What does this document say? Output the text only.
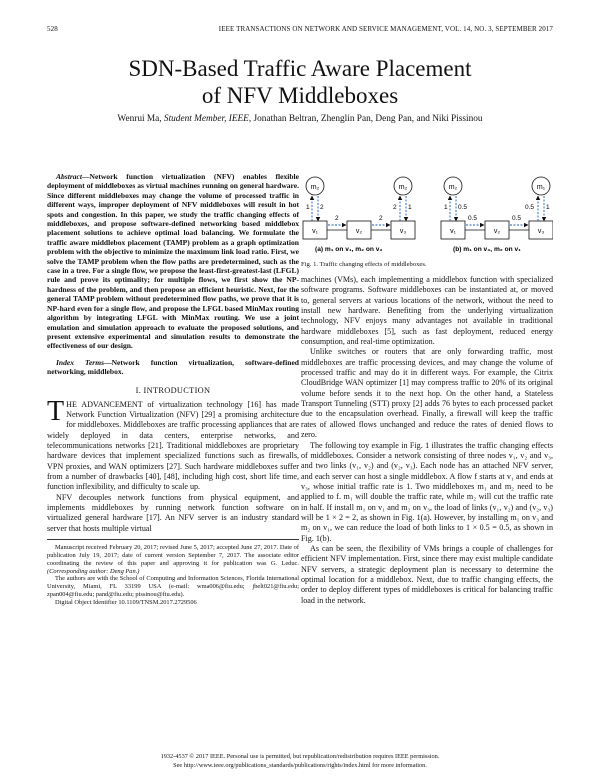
528	IEEE TRANSACTIONS ON NETWORK AND SERVICE MANAGEMENT, VOL. 14, NO. 3, SEPTEMBER 2017
SDN-Based Traffic Aware Placement
of NFV Middleboxes

Wenrui Ma, Student Member, IEEE, Jonathan Beltran, Zhenglin Pan, Deng Pan, and Niki Pissinou

Abstract—Network function virtualization (NFV) enables flexible deployment of middleboxes as virtual machines running on general hardware. Since different middleboxes may change the volume of processed traffic in different ways, improper deployment of NFV middleboxes will result in hot spots and congestion. In this paper, we study the traffic changing effects of middleboxes, and propose software-defined networking based middlebox placement solutions to achieve optimal load balancing. We formulate the traffic aware middlebox placement (TAMP) problem as a graph optimization problem with the objective to minimize the maximum link load ratio. First, we solve the TAMP problem when the flow paths are predetermined, such as the case in a tree. For a single flow, we propose the least-first-greatest-last (LFGL) rule and prove its optimality; for multiple flows, we first show the NP-hardness of the problem, and then propose an efficient heuristic. Next, for the general TAMP problem without predetermined flow paths, we prove that it is NP-hard even for a single flow, and propose the LFGL based MinMax routing algorithm by integrating LFGL with MinMax routing. We use a joint emulation and simulation approach to evaluate the proposed solutions, and present extensive experimental and simulation results to demonstrate the effectiveness of our design.

Index Terms—Network function virtualization, software-defined networking, middlebox.

I. INTRODUCTION

THE ADVANCEMENT of virtualization technology [16] has made Network Function Virtualization (NFV) [29] a promising architecture for middleboxes. Middleboxes are traffic processing appliances that are widely deployed in data centers, enterprise networks, and telecommunications networks [21]. Traditional middleboxes are proprietary hardware devices that implement specialized functions such as firewalls, VPN proxies, and WAN optimizers [27]. Such hardware middleboxes suffer from a number of drawbacks [40], [48], including high cost, short life time, function inflexibility, and difficulty to scale up.

NFV decouples network functions from physical equipment, and implements middleboxes by running network function software on virtualized general hardware [17]. An NFV server is an industry standard server that hosts multiple virtual

Manuscript received February 20, 2017; revised June 5, 2017; accepted June 27, 2017. Date of publication July 19, 2017; date of current version September 7, 2017. The associate editor coordinating the review of this paper and approving it for publication was G. Leduc. (Corresponding author: Deng Pan.)

The authors are with the School of Computing and Information Sciences, Florida International University, Miami, FL 33199 USA (e-mail: wma006@fiu.edu; jbelt021@fiu.edu; zpan004@fiu.edu; pand@fiu.edu; pissinou@fiu.edu).

Digital Object Identifier 10.1109/TNSM.2017.2729506

m₂	m₂
v₁	v₂	v₃
1 2
2	2
2 1
(a) m₁ on v₁, m₂ on v₃
m₂	m₁
v₁	v₂	v₃
1 0.5
0.5	0.5
0.5 1
(b) m₁ on v₃, m₂ on v₁

Fig. 1. Traffic changing effects of middleboxes.

machines (VMs), each implementing a middlebox function with specialized software programs. Software middleboxes can be instantiated at, or moved to, general servers at various locations of the network, without the need to install new hardware. Benefiting from the underlying virtualization technology, NFV enjoys many advantages not available in traditional hardware middleboxes [5], such as fast deployment, reduced energy consumption, and real-time optimization.

Unlike switches or routers that are only forwarding traffic, most middleboxes are traffic processing devices, and may change the volume of processed traffic and may do it in different ways. For example, the Citrix CloudBridge WAN optimizer [1] may compress traffic to 20% of its original volume before sends it to the next hop. On the other hand, a Stateless Transport Tunneling (STT) proxy [2] adds 76 bytes to each processed packet due to the encapsulation overhead. Finally, a firewall will keep the traffic rates of allowed flows unchanged and reduce the rates of denied flows to zero.

The following toy example in Fig. 1 illustrates the traffic changing effects of middleboxes. Consider a network consisting of three nodes v₁, v₂ and v₃, and two links (v₁, v₂) and (v₂, v₃). Each node has an attached NFV server, and each server can host a single middlebox. A flow f starts at v₁ and ends at v₃, whose initial traffic rate is 1. Two middleboxes m₁ and m₂ need to be applied to f. m₁ will double the traffic rate, while m₂ will cut the traffic rate in half. If install m₁ on v₁ and m₂ on v₃, the load of links (v₁, v₂) and (v₂, v₃) will be 1 × 2 = 2, as shown in Fig. 1(a). However, by installing m₁ on v₃ and m₂ on v₁, we can reduce the load of both links to 1 × 0.5 = 0.5, as shown in Fig. 1(b).

As can be seen, the flexibility of VMs brings a couple of challenges for efficient NFV implementation. First, since there may exist multiple candidate NFV servers, a strategic deployment plan is necessary to determine the optimal location for a middlebox. Next, due to traffic changing effects, the order to deploy different types of middleboxes is critical for balancing traffic load in the network.

1932-4537 © 2017 IEEE. Personal use is permitted, but republication/redistribution requires IEEE permission.
See http://www.ieee.org/publications_standards/publications/rights/index.html for more information.
